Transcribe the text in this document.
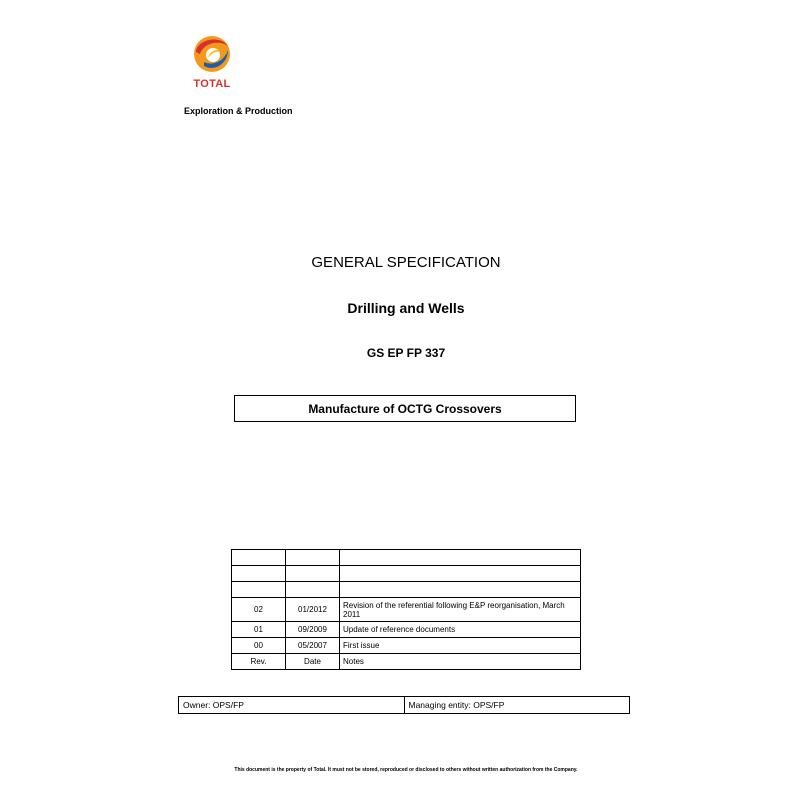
TOTAL
Exploration & Production
GENERAL SPECIFICATION
Drilling and Wells
GS EP FP 337
Manufacture of OCTG Crossovers

02	01/2012	Revision of the referential following E&P reorganisation, March 2011
01	09/2009	Update of reference documents
00	05/2007	First issue
Rev.	Date	Notes
Owner: OPS/FP	Managing entity: OPS/FP
This document is the property of Total. It must not be stored, reproduced or disclosed to others without written authorization from the Company.
